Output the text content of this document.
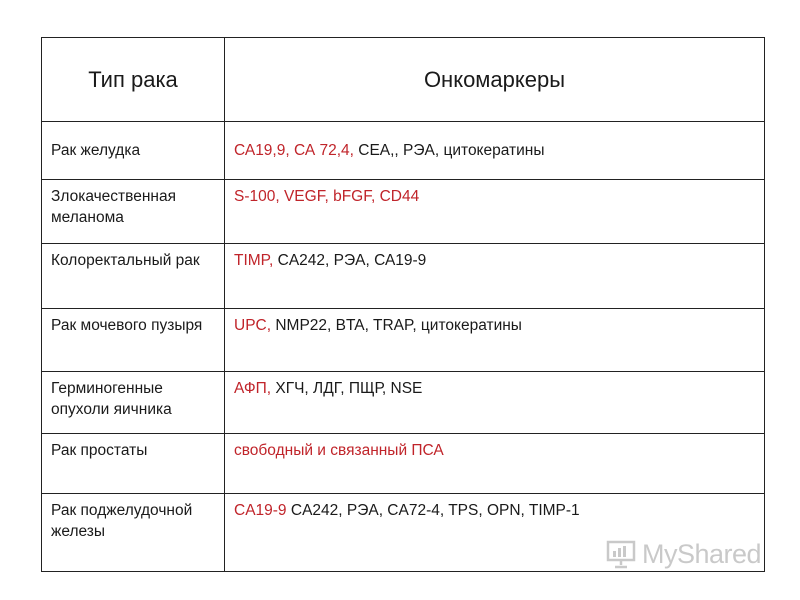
Тип рака	Онкомаркеры

Рак желудка	СА19,9, СА 72,4, СЕА,, РЭА, цитокератины

Злокачественная меланома	S-100, VEGF, bFGF, CD44

Колоректальный рак	TIMP, CA242, РЭА, СА19-9

Рак мочевого пузыря	UPC, NMP22, BTA, TRAP, цитокератины

Герминогенные опухоли яичника	АФП, ХГЧ, ЛДГ, ПЩР, NSE

Рак простаты	свободный и связанный ПСА

Рак поджелудочной железы	CA19-9 CA242, РЭА, CA72-4, TPS, OPN, TIMP-1
MyShared
